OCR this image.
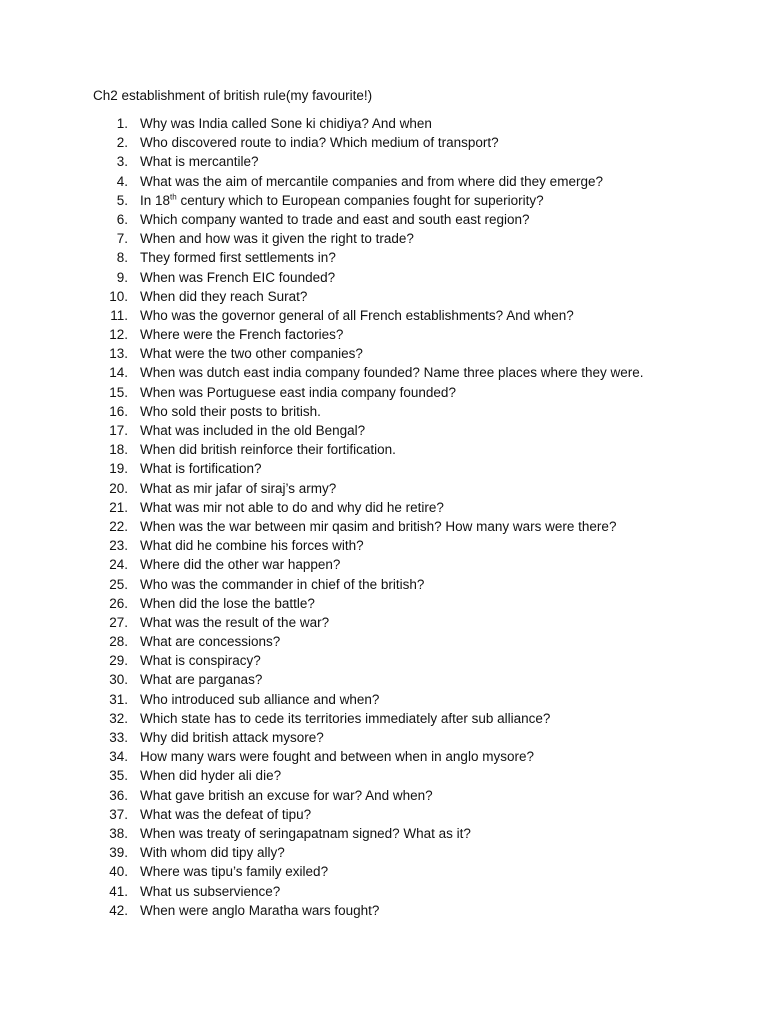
Ch2 establishment of british rule(my favourite!)
1. Why was India called Sone ki chidiya? And when
2. Who discovered route to india? Which medium of transport?
3. What is mercantile?
4. What was the aim of mercantile companies and from where did they emerge?
5. In 18th century which to European companies fought for superiority?
6. Which company wanted to trade and east and south east region?
7. When and how was it given the right to trade?
8. They formed first settlements in?
9. When was French EIC founded?
10. When did they reach Surat?
11. Who was the governor general of all French establishments? And when?
12. Where were the French factories?
13. What were the two other companies?
14. When was dutch east india company founded? Name three places where they were.
15. When was Portuguese east india company founded?
16. Who sold their posts to british.
17. What was included in the old Bengal?
18. When did british reinforce their fortification.
19. What is fortification?
20. What as mir jafar of siraj’s army?
21. What was mir not able to do and why did he retire?
22. When was the war between mir qasim and british? How many wars were there?
23. What did he combine his forces with?
24. Where did the other war happen?
25. Who was the commander in chief of the british?
26. When did the lose the battle?
27. What was the result of the war?
28. What are concessions?
29. What is conspiracy?
30. What are parganas?
31. Who introduced sub alliance and when?
32. Which state has to cede its territories immediately after sub alliance?
33. Why did british attack mysore?
34. How many wars were fought and between when in anglo mysore?
35. When did hyder ali die?
36. What gave british an excuse for war? And when?
37. What was the defeat of tipu?
38. When was treaty of seringapatnam signed? What as it?
39. With whom did tipy ally?
40. Where was tipu’s family exiled?
41. What us subservience?
42. When were anglo Maratha wars fought?
